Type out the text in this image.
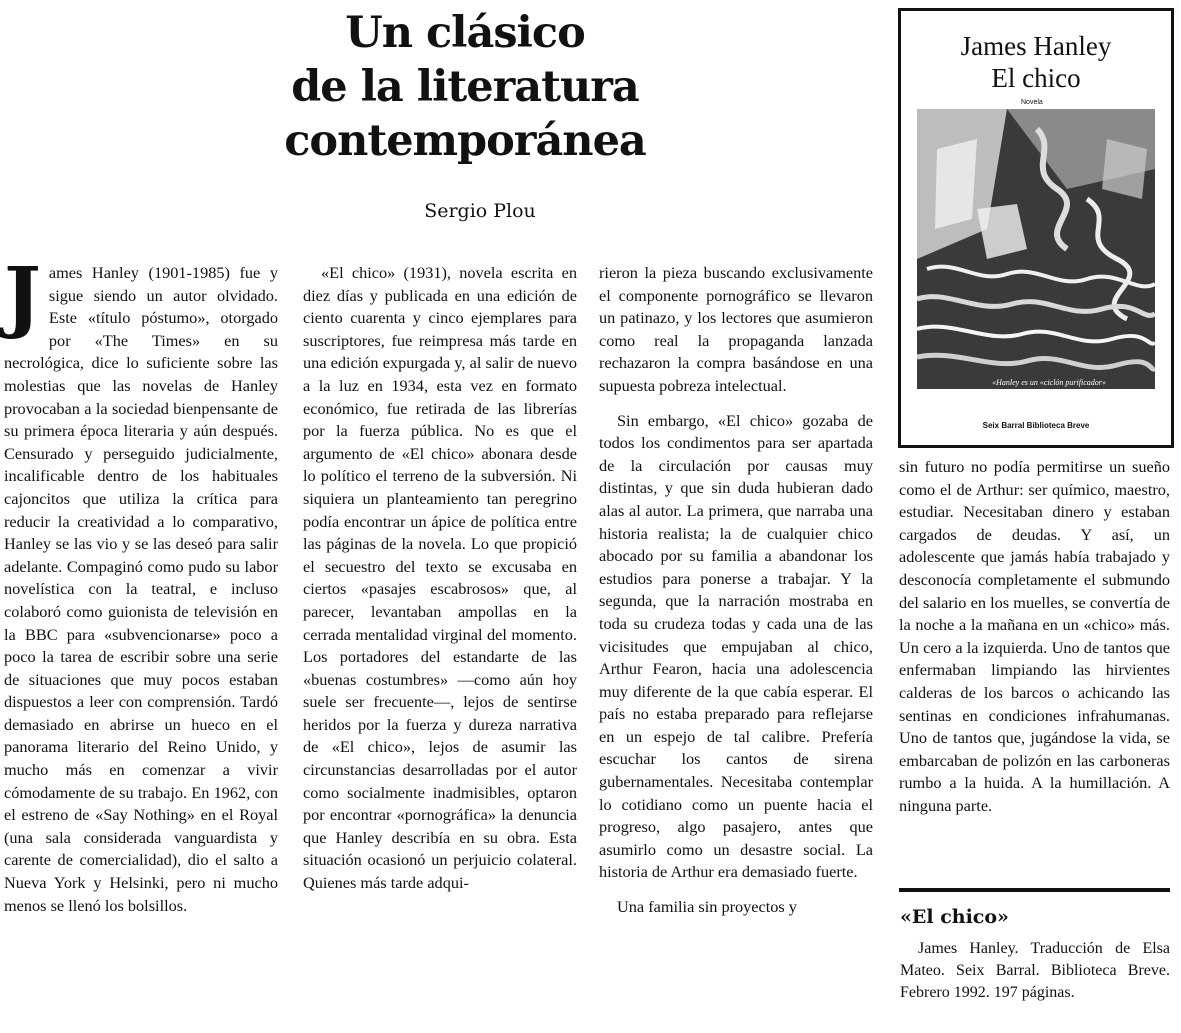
Un clásico
de la literatura
contemporánea
Sergio Plou

James Hanley (1901-1985) fue y sigue siendo un autor olvidado. Este «título póstumo», otorgado por «The Times» en su necrológica, dice lo suficiente sobre las molestias que las novelas de Hanley provocaban a la sociedad bienpensante de su primera época literaria y aún después. Censurado y perseguido judicialmente, incalificable dentro de los habituales cajoncitos que utiliza la crítica para reducir la creatividad a lo comparativo, Hanley se las vio y se las deseó para salir adelante. Compaginó como pudo su labor novelística con la teatral, e incluso colaboró como guionista de televisión en la BBC para «subvencionarse» poco a poco la tarea de escribir sobre una serie de situaciones que muy pocos estaban dispuestos a leer con comprensión. Tardó demasiado en abrirse un hueco en el panorama literario del Reino Unido, y mucho más en comenzar a vivir cómodamente de su trabajo. En 1962, con el estreno de «Say Nothing» en el Royal (una sala considerada vanguardista y carente de comercialidad), dio el salto a Nueva York y Helsinki, pero ni mucho menos se llenó los bolsillos.

«El chico» (1931), novela escrita en diez días y publicada en una edición de ciento cuarenta y cinco ejemplares para suscriptores, fue reimpresa más tarde en una edición expurgada y, al salir de nuevo a la luz en 1934, esta vez en formato económico, fue retirada de las librerías por la fuerza pública. No es que el argumento de «El chico» abonara desde lo político el terreno de la subversión. Ni siquiera un planteamiento tan peregrino podía encontrar un ápice de política entre las páginas de la novela. Lo que propició el secuestro del texto se excusaba en ciertos «pasajes escabrosos» que, al parecer, levantaban ampollas en la cerrada mentalidad virginal del momento. Los portadores del estandarte de las «buenas costumbres» —como aún hoy suele ser frecuente—, lejos de sentirse heridos por la fuerza y dureza narrativa de «El chico», lejos de asumir las circunstancias desarrolladas por el autor como socialmente inadmisibles, optaron por encontrar «pornográfica» la denuncia que Hanley describía en su obra. Esta situación ocasionó un perjuicio colateral. Quienes más tarde adqui-

rieron la pieza buscando exclusivamente el componente pornográfico se llevaron un patinazo, y los lectores que asumieron como real la propaganda lanzada rechazaron la compra basándose en una supuesta pobreza intelectual.

Sin embargo, «El chico» gozaba de todos los condimentos para ser apartada de la circulación por causas muy distintas, y que sin duda hubieran dado alas al autor. La primera, que narraba una historia realista; la de cualquier chico abocado por su familia a abandonar los estudios para ponerse a trabajar. Y la segunda, que la narración mostraba en toda su crudeza todas y cada una de las vicisitudes que empujaban al chico, Arthur Fearon, hacia una adolescencia muy diferente de la que cabía esperar. El país no estaba preparado para reflejarse en un espejo de tal calibre. Prefería escuchar los cantos de sirena gubernamentales. Necesitaba contemplar lo cotidiano como un puente hacia el progreso, algo pasajero, antes que asumirlo como un desastre social. La historia de Arthur era demasiado fuerte.

Una familia sin proyectos y

James Hanley
El chico
Novela
«Hanley es un «ciclón purificador»
William Faulkner
Seix Barral Biblioteca Breve

sin futuro no podía permitirse un sueño como el de Arthur: ser químico, maestro, estudiar. Necesitaban dinero y estaban cargados de deudas. Y así, un adolescente que jamás había trabajado y desconocía completamente el submundo del salario en los muelles, se convertía de la noche a la mañana en un «chico» más. Un cero a la izquierda. Uno de tantos que enfermaban limpiando las hirvientes calderas de los barcos o achicando las sentinas en condiciones infrahumanas. Uno de tantos que, jugándose la vida, se embarcaban de polizón en las carboneras rumbo a la huida. A la humillación. A ninguna parte.

«El chico»

James Hanley. Traducción de Elsa Mateo. Seix Barral. Biblioteca Breve. Febrero 1992. 197 páginas.
